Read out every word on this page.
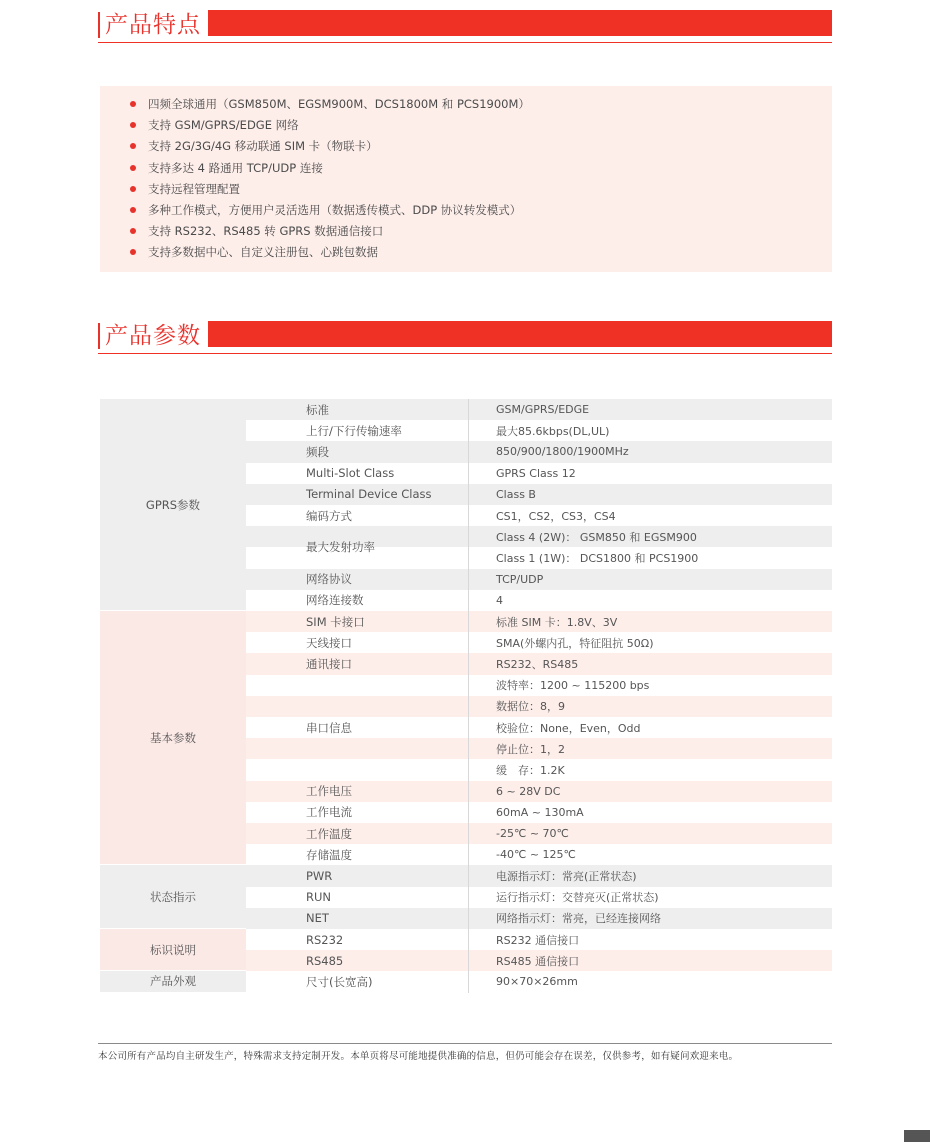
产品特点
四频全球通用（GSM850M、EGSM900M、DCS1800M 和 PCS1900M）
支持 GSM/GPRS/EDGE 网络
支持 2G/3G/4G 移动联通 SIM 卡（物联卡）
支持多达 4 路通用 TCP/UDP 连接
支持远程管理配置
多种工作模式，方便用户灵活选用（数据透传模式、DDP 协议转发模式）
支持 RS232、RS485 转 GPRS 数据通信接口
支持多数据中心、自定义注册包、心跳包数据
产品参数
GPRS参数
GSM/GPRS/EDGE
标准
最大85.6kbps(DL,UL)
上行/下行传输速率
850/900/1800/1900MHz
频段
GPRS Class 12
Multi-Slot Class
Class B
Terminal Device Class
CS1，CS2，CS3，CS4
编码方式
Class 4 (2W)： GSM850 和 EGSM900
Class 1 (1W)： DCS1800 和 PCS1900
最大发射功率
TCP/UDP
网络协议
4
网络连接数
基本参数
标准 SIM 卡：1.8V、3V
SIM 卡接口
SMA(外螺内孔，特征阻抗 50Ω)
天线接口
RS232、RS485
通讯接口
波特率：1200 ~ 115200 bps
数据位：8，9
校验位：None，Even，Odd
停止位：1，2
缓　存：1.2K
串口信息
6 ~ 28V DC
工作电压
60mA ~ 130mA
工作电流
-25℃ ~ 70℃
工作温度
-40℃ ~ 125℃
存储温度
状态指示
电源指示灯：常亮(正常状态)
PWR
运行指示灯：交替亮灭(正常状态)
RUN
网络指示灯：常亮，已经连接网络
NET
标识说明
RS232 通信接口
RS232
RS485 通信接口
RS485
产品外观	90×70×26mm
尺寸(长宽高)
本公司所有产品均自主研发生产，特殊需求支持定制开发。本单页将尽可能地提供准确的信息，但仍可能会存在误差，仅供参考，如有疑问欢迎来电。
